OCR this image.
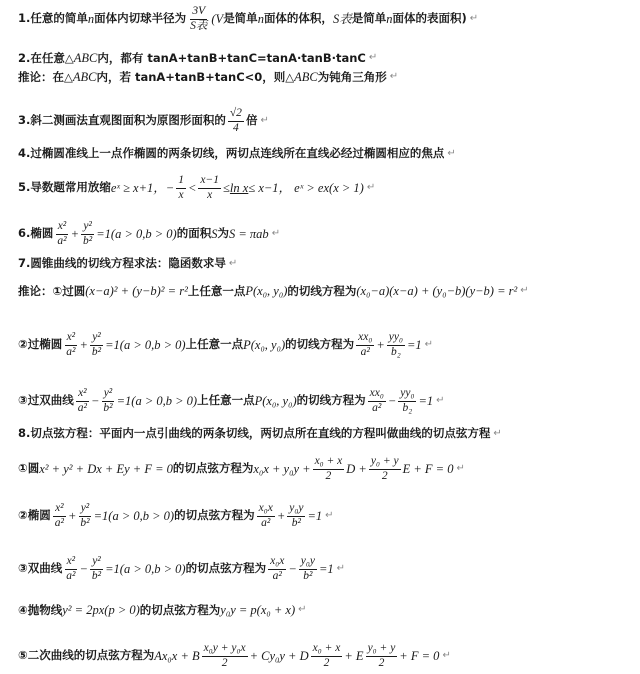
1.任意的简单 n 面体内切球半径为 $\frac{3V}{\text{S表}} (V$ 是简单 n 面体的体积， S表 是简单 n 面体的表面积) ↵
2.在任意△ ABC 内，都有 tanA+tanB+tanC=tanA·tanB·tanC ↵
推论：在△ ABC 内，若 tanA+tanB+tanC<0，则△ ABC 为钝角三角形 ↵
3.斜二测画法直观图面积为原图形面积的 $\frac{√2}{4}$ 倍 ↵
4.过椭圆准线上一点作椭圆的两条切线，两切点连线所在直线必经过椭圆相应的焦点 ↵
5.导数题常用放缩 eˣ ≥ x+1，− $\frac{1}{x} < \frac{x-1}{x} \le \ln x \le x-1$， eˣ > ex(x > 1) ↵
6.椭圆 $\frac{\text{x²}}{\text{a²}} + \frac{\text{y²}}{\text{b²}} =1(a > 0,b > 0)$ 的面积 S 为 S = πab ↵
7.圆锥曲线的切线方程求法：隐函数求导 ↵
推论：①过圆 (x−a)² + (y−b)² = r² 上任意一点 P(x₀, y₀) 的切线方程为 (x₀−a)(x−a) + (y₀−b)(y−b) = r² ↵
②过椭圆 $\frac{\text{x²}}{\text{a²}} + \frac{\text{y²}}{\text{b²}} =1(a > 0,b > 0)$ 上任意一点 P(x₀, y₀) 的切线方程为 $\frac{\text{xx₀}}{\text{a²}} + \frac{\text{yy₀}}{\text{b₂}} =1$ ↵
③过双曲线 $\frac{\text{x²}}{\text{a²}} - \frac{\text{y²}}{\text{b²}} =1(a > 0,b > 0)$ 上任意一点 P(x₀, y₀) 的切线方程为 $\frac{\text{xx₀}}{\text{a²}} - \frac{\text{yy₀}}{\text{b₂}} =1$ ↵
8.切点弦方程：平面内一点引曲线的两条切线，两切点所在直线的方程叫做曲线的切点弦方程 ↵
①圆 x² + y² + Dx + Ey + F = 0 的切点弦方程为 $x_0x + y_0y + \frac{\text{x₀ + x}}{2}$ $D + \frac{\text{y₀ + y}}{2}$ E + F = 0 ↵
②椭圆 $\frac{\text{x²}}{\text{a²}} + \frac{\text{y²}}{\text{b²}} =1(a > 0,b > 0)$ 的切点弦方程为 $\frac{\text{x₀x}}{\text{a²}} + \frac{\text{y₀y}}{\text{b²}} =1$ ↵
③双曲线 $\frac{\text{x²}}{\text{a²}} - \frac{\text{y²}}{\text{b²}} =1(a > 0,b > 0)$ 的切点弦方程为 $\frac{\text{x₀x}}{\text{a²}} - \frac{\text{y₀y}}{\text{b²}} =1$ ↵
④抛物线 y² = 2px(p > 0) 的切点弦方程为 y₀y = p(x₀ + x) ↵
⑤二次曲线的切点弦方程为 Ax₀x + B $\frac{\text{x₀y + y₀x}}{2} + Cy_0y + D \frac{\text{x₀ + x}}{2} + E \frac{\text{y₀ + y}}{2} + F = 0$ ↵
